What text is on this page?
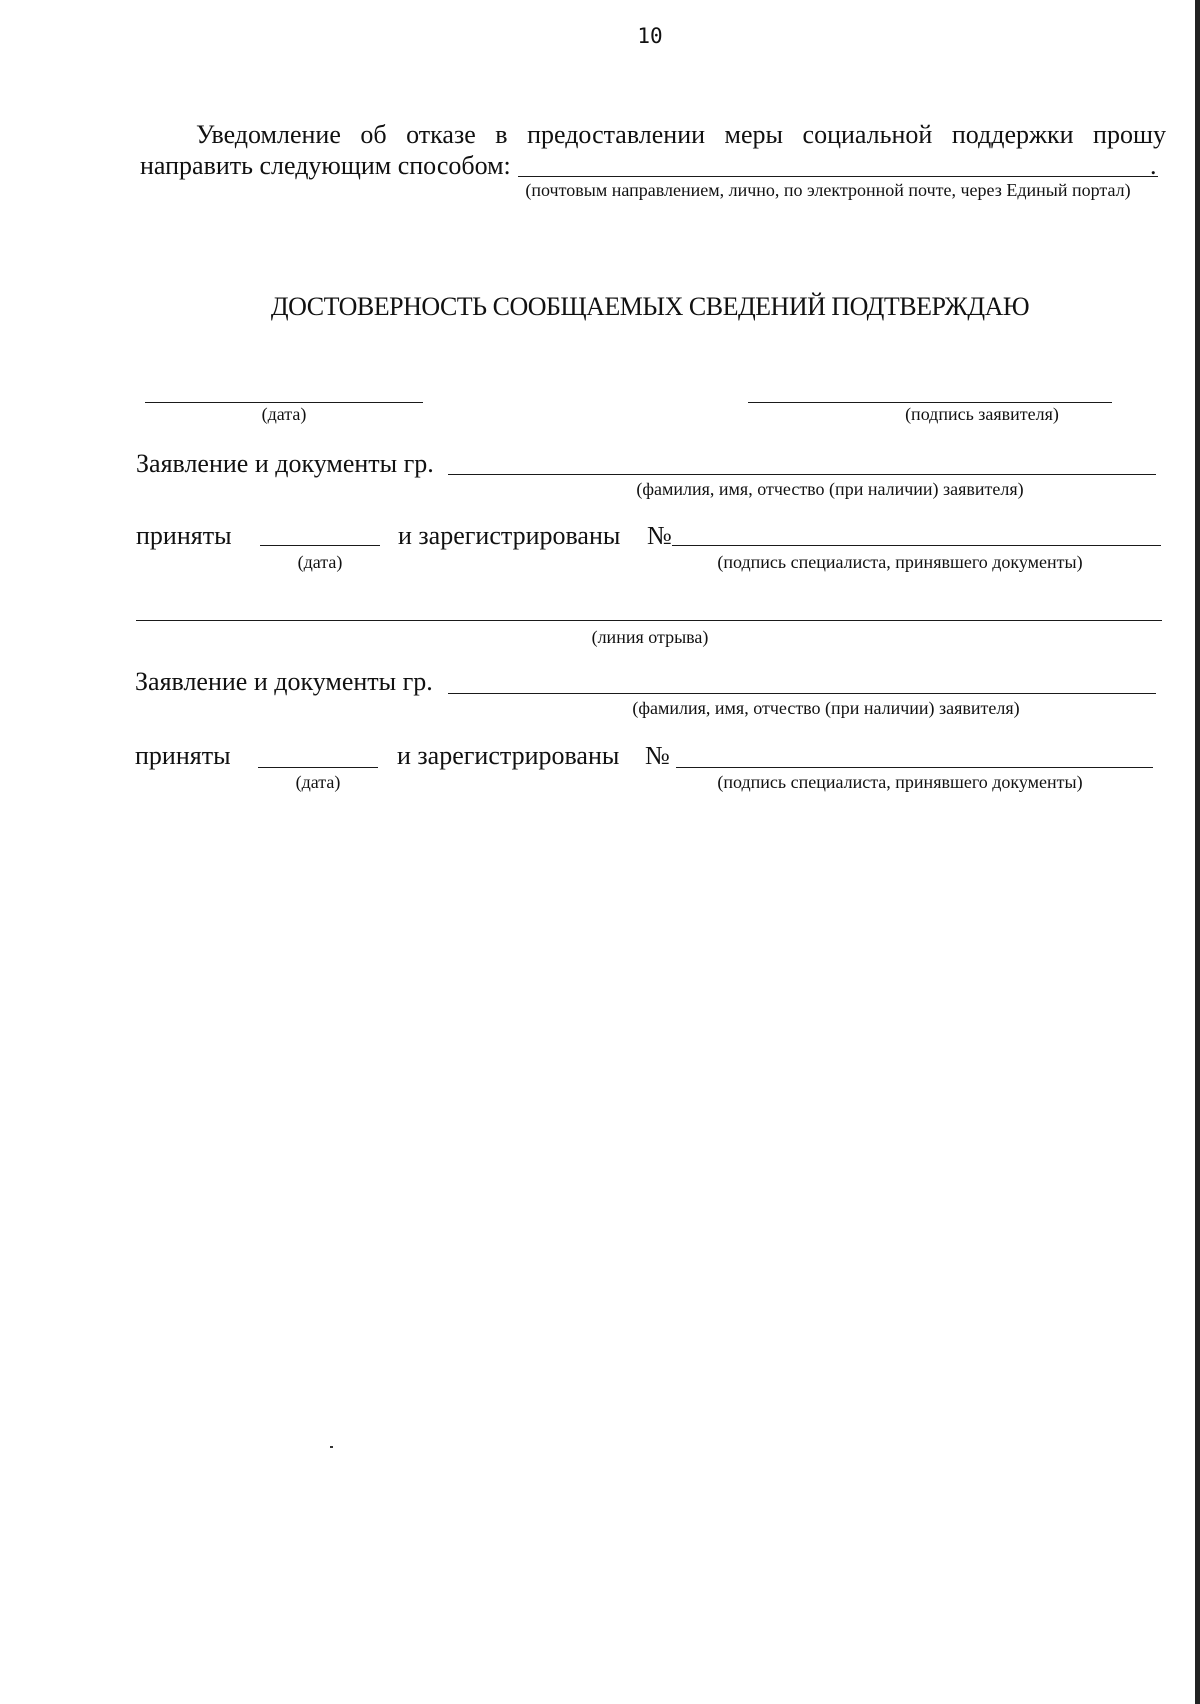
10
Уведомление об отказе в предоставлении меры социальной поддержки прошу
направить следующим способом:	.
(почтовым направлением, лично, по электронной почте, через Единый портал)
ДОСТОВЕРНОСТЬ СООБЩАЕМЫХ СВЕДЕНИЙ ПОДТВЕРЖДАЮ
(дата)	(подпись заявителя)
Заявление и документы гр.
(фамилия, имя, отчество (при наличии) заявителя)
приняты
(дата)
и зарегистрированы №
(подпись специалиста, принявшего документы)
(линия отрыва)
Заявление и документы гр.
(фамилия, имя, отчество (при наличии) заявителя)
приняты
(дата)
и зарегистрированы №
(подпись специалиста, принявшего документы)
